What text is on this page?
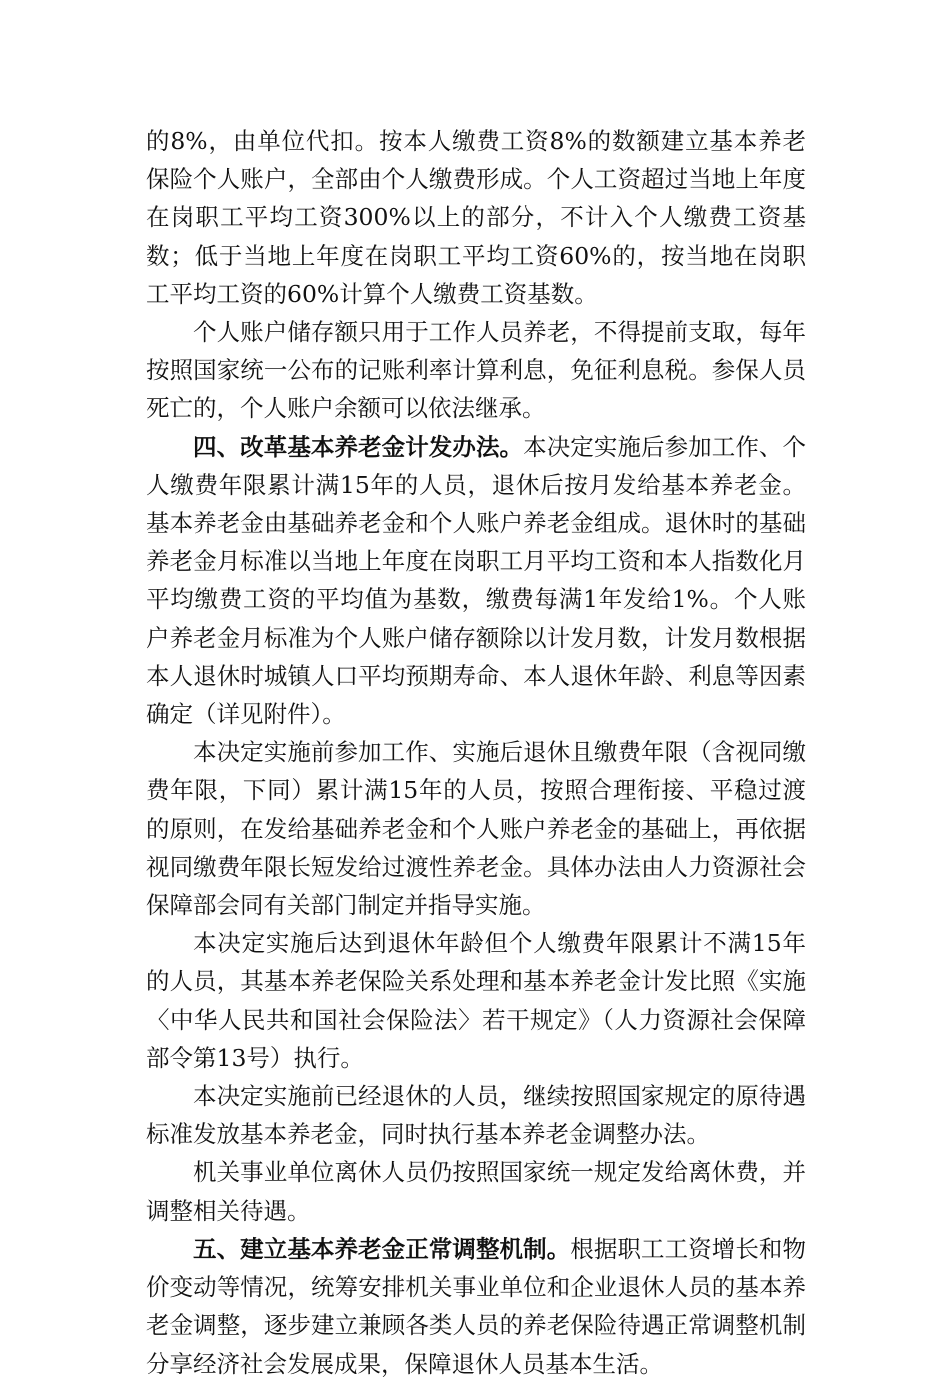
的8%，由单位代扣。按本人缴费工资8%的数额建立基本养老保险个人账户，全部由个人缴费形成。个人工资超过当地上年度在岗职工平均工资300%以上的部分，不计入个人缴费工资基数；低于当地上年度在岗职工平均工资60%的，按当地在岗职工平均工资的60%计算个人缴费工资基数。

个人账户储存额只用于工作人员养老，不得提前支取，每年按照国家统一公布的记账利率计算利息，免征利息税。参保人员死亡的，个人账户余额可以依法继承。

四、改革基本养老金计发办法。本决定实施后参加工作、个人缴费年限累计满15年的人员，退休后按月发给基本养老金。基本养老金由基础养老金和个人账户养老金组成。退休时的基础养老金月标准以当地上年度在岗职工月平均工资和本人指数化月平均缴费工资的平均值为基数，缴费每满1年发给1%。个人账户养老金月标准为个人账户储存额除以计发月数，计发月数根据本人退休时城镇人口平均预期寿命、本人退休年龄、利息等因素确定（详见附件）。

本决定实施前参加工作、实施后退休且缴费年限（含视同缴费年限，下同）累计满15年的人员，按照合理衔接、平稳过渡的原则，在发给基础养老金和个人账户养老金的基础上，再依据视同缴费年限长短发给过渡性养老金。具体办法由人力资源社会保障部会同有关部门制定并指导实施。

本决定实施后达到退休年龄但个人缴费年限累计不满15年的人员，其基本养老保险关系处理和基本养老金计发比照《实施〈中华人民共和国社会保险法〉若干规定》（人力资源社会保障部令第13号）执行。

本决定实施前已经退休的人员，继续按照国家规定的原待遇标准发放基本养老金，同时执行基本养老金调整办法。

机关事业单位离休人员仍按照国家统一规定发给离休费，并调整相关待遇。

五、建立基本养老金正常调整机制。根据职工工资增长和物价变动等情况，统筹安排机关事业单位和企业退休人员的基本养老金调整，逐步建立兼顾各类人员的养老保险待遇正常调整机制分享经济社会发展成果，保障退休人员基本生活。
